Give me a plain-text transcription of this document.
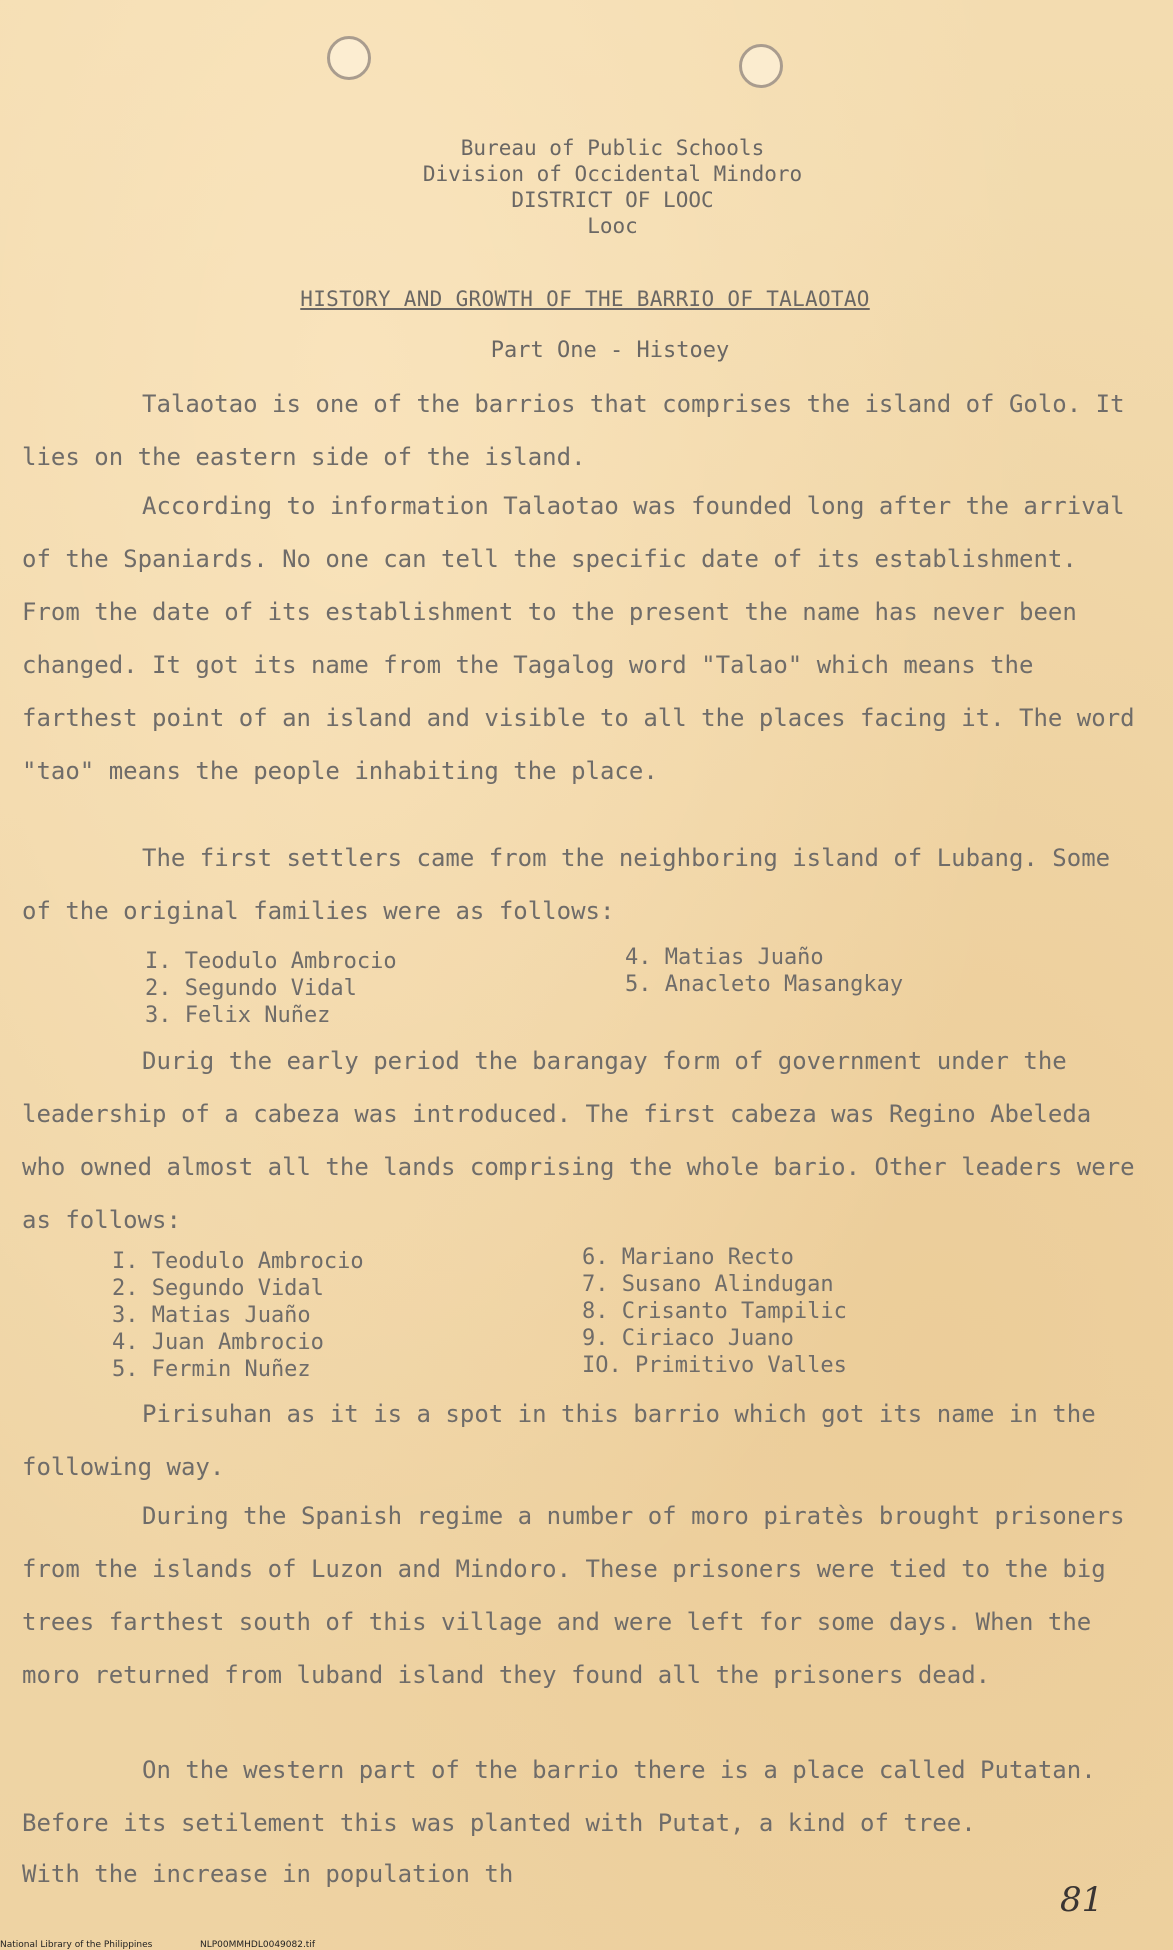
Bureau of Public Schools
Division of Occidental Mindoro
DISTRICT OF LOOC
Looc
HISTORY AND GROWTH OF THE BARRIO OF TALAOTAO
Part One - Histoey

Talaotao is one of the barrios that comprises the island of Golo. It lies on the eastern side of the island.

According to information Talaotao was founded long after the arrival of the Spaniards. No one can tell the specific date of its establishment. From the date of its establishment to the present the name has never been changed. It got its name from the Tagalog word "Talao" which means the farthest point of an island and visible to all the places facing it. The word "tao" means the people inhabiting the place.

The first settlers came from the neighboring island of Lubang. Some of the original families were as follows:

I. Teodulo Ambrocio
2. Segundo Vidal
3. Felix Nuñez
4. Matias Juaño
5. Anacleto Masangkay

Durig the early period the barangay form of government under the leadership of a cabeza was introduced. The first cabeza was Regino Abeleda who owned almost all the lands comprising the whole bario. Other leaders were as follows:

I. Teodulo Ambrocio
2. Segundo Vidal
3. Matias Juaño
4. Juan Ambrocio
5. Fermin Nuñez
6. Mariano Recto
7. Susano Alindugan
8. Crisanto Tampilic
9. Ciriaco Juano
IO. Primitivo Valles

Pirisuhan as it is a spot in this barrio which got its name in the following way.

During the Spanish regime a number of moro piratès brought prisoners from the islands of Luzon and Mindoro. These prisoners were tied to the big trees farthest south of this village and were left for some days. When the moro returned from luband island they found all the prisoners dead.

On the western part of the barrio there is a place called Putatan. Before its setilement this was planted with Putat, a kind of tree.

With the increase in population th

81
National Library of the Philippines	NLP00MMHDL0049082.tif
